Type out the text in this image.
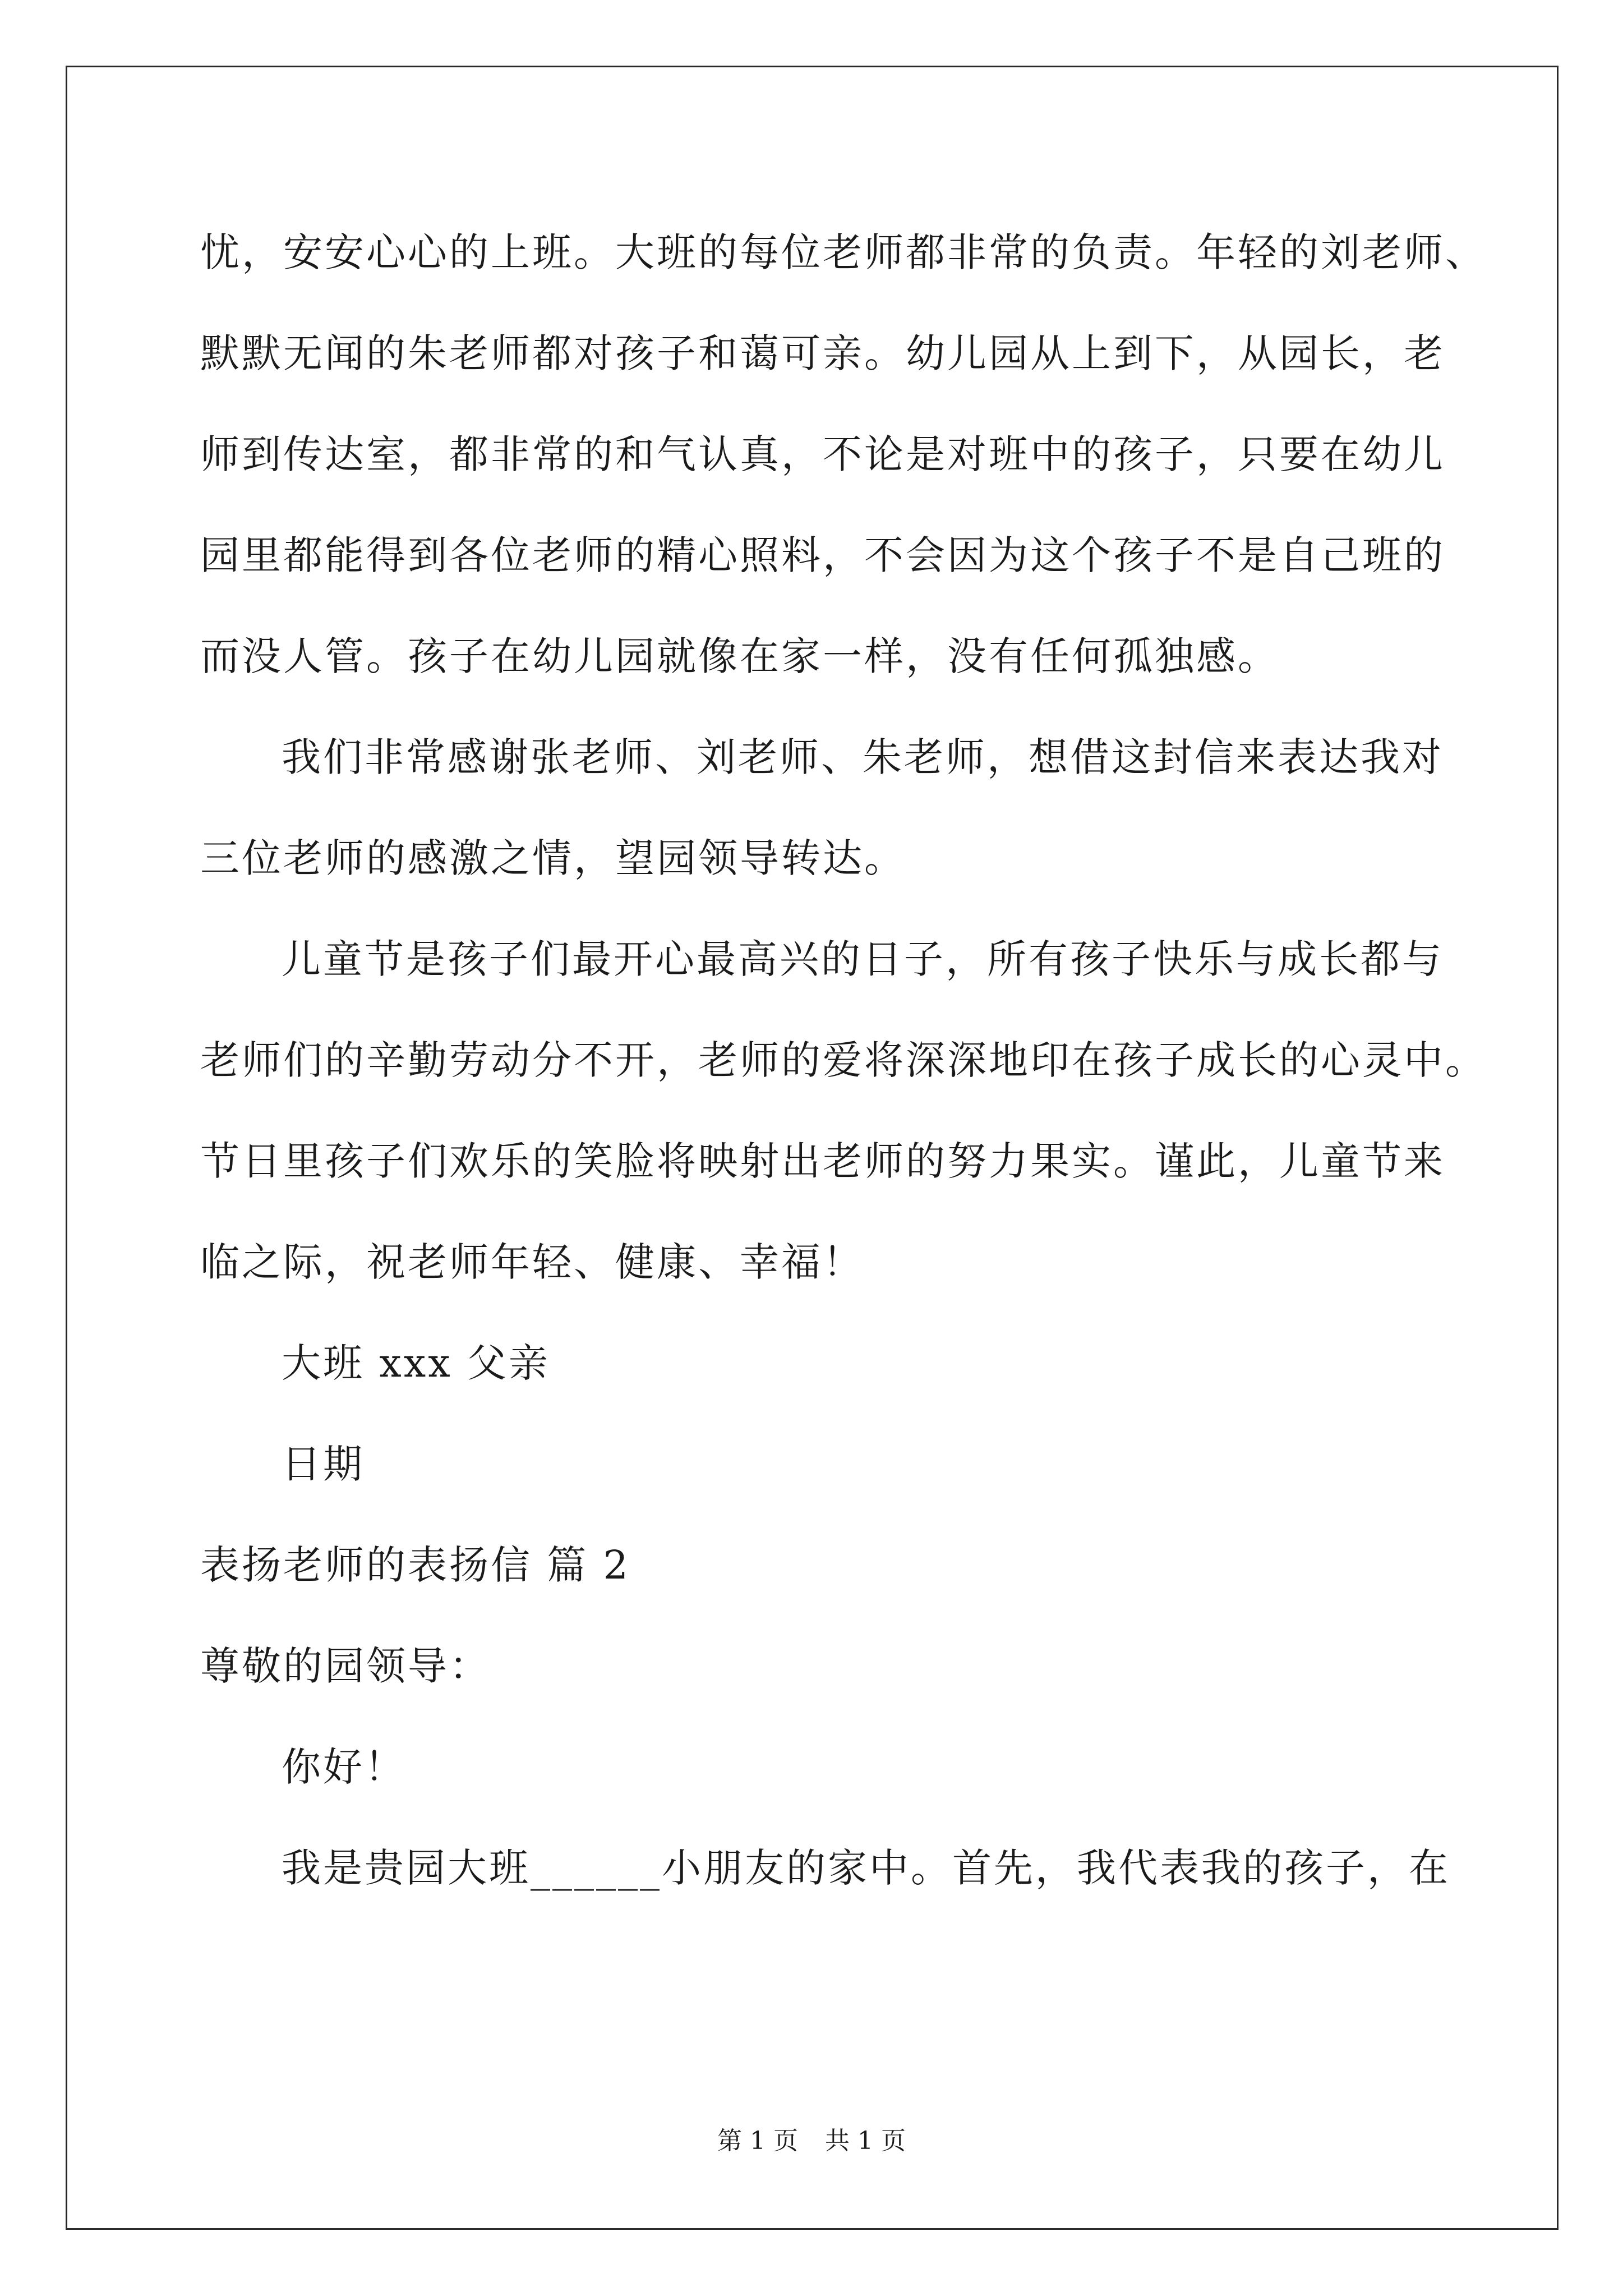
忧，安安心心的上班。大班的每位老师都非常的负责。年轻的刘老师、
默默无闻的朱老师都对孩子和蔼可亲。幼儿园从上到下，从园长，老
师到传达室，都非常的和气认真，不论是对班中的孩子，只要在幼儿
园里都能得到各位老师的精心照料，不会因为这个孩子不是自己班的
而没人管。孩子在幼儿园就像在家一样，没有任何孤独感。
我们非常感谢张老师、刘老师、朱老师，想借这封信来表达我对
三位老师的感激之情，望园领导转达。
儿童节是孩子们最开心最高兴的日子，所有孩子快乐与成长都与
老师们的辛勤劳动分不开，老师的爱将深深地印在孩子成长的心灵中。
节日里孩子们欢乐的笑脸将映射出老师的努力果实。谨此，儿童节来
临之际，祝老师年轻、健康、幸福！
大班 xxx 父亲
日期
表扬老师的表扬信 篇 2
尊敬的园领导：
你好！
我是贵园大班______小朋友的家中。首先，我代表我的孩子，在
第 1 页 共 1 页
